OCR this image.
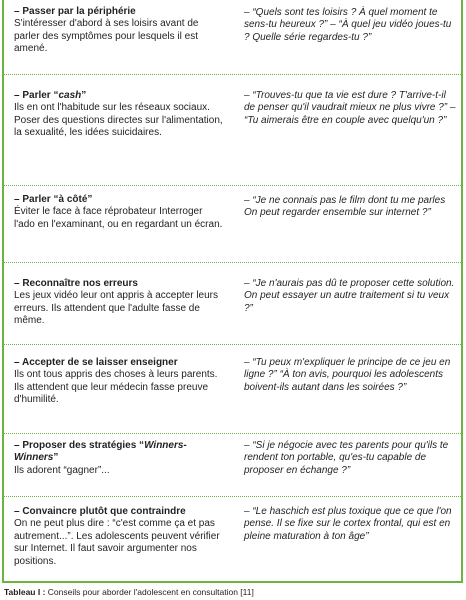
– Passer par la périphérie
S'intéresser d'abord à ses loisirs avant de parler des symptômes pour lesquels il est amené.
– “Quels sont tes loisirs ? À quel moment te sens-tu heureux ?” – “À quel jeu vidéo joues-tu ? Quelle série regardes-tu ?”
– Parler “cash”
Ils en ont l'habitude sur les réseaux sociaux. Poser des questions directes sur l'alimentation, la sexualité, les idées suicidaires.
– “Trouves-tu que ta vie est dure ? T'arrive-t-il de penser qu'il vaudrait mieux ne plus vivre ?” – “Tu aimerais être en couple avec quelqu'un ?”
– Parler “à côté”
Éviter le face à face réprobateur Interroger l'ado en l'examinant, ou en regardant un écran.
– “Je ne connais pas le film dont tu me parles On peut regarder ensemble sur internet ?”
– Reconnaître nos erreurs
Les jeux vidéo leur ont appris à accepter leurs erreurs. Ils attendent que l'adulte fasse de même.
– “Je n'aurais pas dû te proposer cette solution. On peut essayer un autre traitement si tu veux ?”
– Accepter de se laisser enseigner
Ils ont tous appris des choses à leurs parents. Ils attendent que leur médecin fasse preuve d'humilité.
– “Tu peux m'expliquer le principe de ce jeu en ligne ?” “À ton avis, pourquoi les adolescents boivent-ils autant dans les soirées ?”
– Proposer des stratégies “Winners-Winners”
Ils adorent “gagner”...
– “Si je négocie avec tes parents pour qu'ils te rendent ton portable, qu'es-tu capable de proposer en échange ?”
– Convaincre plutôt que contraindre
On ne peut plus dire : “c'est comme ça et pas autrement...”. Les adolescents peuvent vérifier sur Internet. Il faut savoir argumenter nos positions.
– “Le haschich est plus toxique que ce que l'on pense. Il se fixe sur le cortex frontal, qui est en pleine maturation à ton âge”
Tableau I : Conseils pour aborder l'adolescent en consultation [11]
